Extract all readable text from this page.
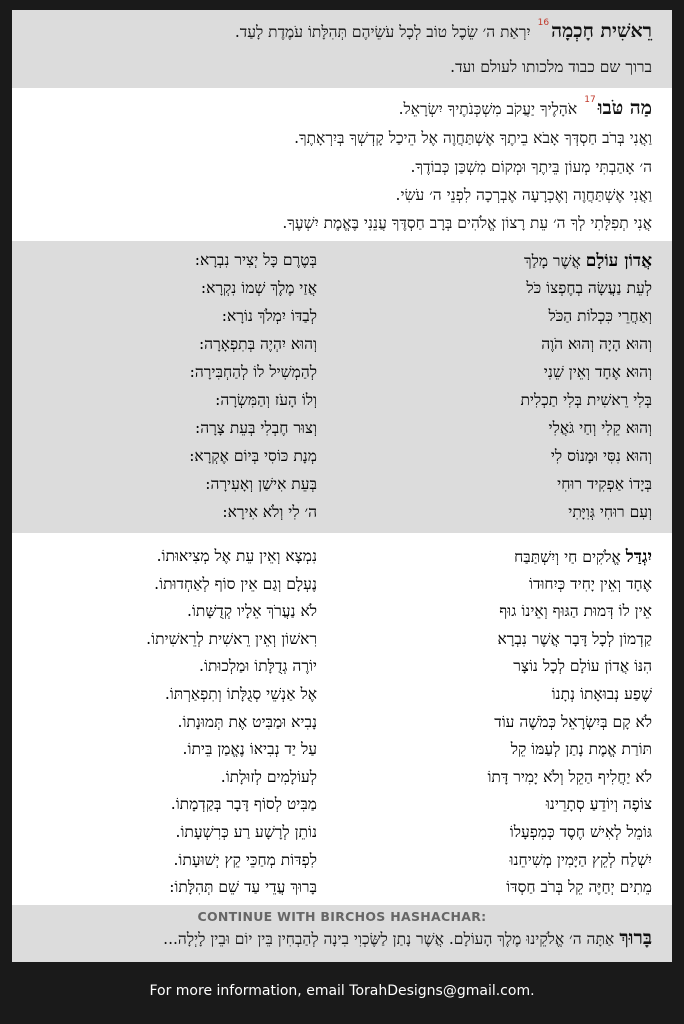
רֵאשִׁית חָכְמָה$^{16}$ יִרְאַת ה׳ שֵׂכֶל טוֹב לְכָל עֹשֵׂיהֶם תְּהִלָּתוֹ עֹמֶדֶת לָעַד.
ברוך שם כבוד מלכותו לעולם ועד.
מַה טֹּבוּ$^{17}$ אֹהָלֶיךָ יַעֲקֹב מִשְׁכְּנֹתֶיךָ יִשְׂרָאֵל.
וַאֲנִי בְּרֹב חַסְדְּךָ אָבֹא בֵיתֶךָ אֶשְׁתַּחֲוֶה אֶל הֵיכַל קָדְשְׁךָ בְּיִרְאָתֶךָ.
ה׳ אָהַבְתִּי מְעוֹן בֵּיתֶךָ וּמְקוֹם מִשְׁכַּן כְּבוֹדֶךָ.
וַאֲנִי אֶשְׁתַּחֲוֶה וְאֶכְרָעָה אֶבְרְכָה לִפְנֵי ה׳ עֹשִׂי.
אֲנִי תְפִלָּתִי לְךָ ה׳ עֵת רָצוֹן אֱלֹהִים בְּרָב חַסְדֶּךָ עֲנֵנִי בֶּאֱמֶת יִשְׁעֶךָ.
אֲדוֹן עוֹלָם אֲשֶׁר מָלַךְ
בְּטֶרֶם כָּל יְצִיר נִבְרָא:
לְעֵת נַעֲשָׂה בְחֶפְצוֹ כֹּל
אֲזַי מֶלֶךְ שְׁמוֹ נִקְרָא:
וְאַחֲרֵי כִּכְלוֹת הַכֹּל
לְבַדּוֹ יִמְלֹךְ נוֹרָא:
וְהוּא הָיָה וְהוּא הֹוֶה
וְהוּא יִהְיֶה בְּתִפְאָרָה:
וְהוּא אֶחָד וְאֵין שֵׁנִי
לְהַמְשִׁיל לוֹ לְהַחְבִּירָה:
בְּלִי רֵאשִׁית בְּלִי תַכְלִית
וְלוֹ הָעֹז וְהַמִּשְׂרָה:
וְהוּא קֵלִי וְחַי גֹּאֲלִי
וְצוּר חֶבְלִי בְּעֵת צָרָה:
וְהוּא נִסִּי וּמָנוֹס לִי
מְנָת כּוֹסִי בְּיוֹם אֶקְרָא:
בְּיָדוֹ אַפְקִיד רוּחִי
בְּעֵת אִישַׁן וְאָעִירָה:
וְעִם רוּחִי גְּוִיָּתִי
ה׳ לִי וְלֹא אִירָא:
יִגְדַּל אֱלֹקִים חַי וְיִשְׁתַּבַּח
נִמְצָא וְאֵין עֵת אֶל מְצִיאוּתוֹ.
אֶחָד וְאֵין יָחִיד כְּיִחוּדוֹ
נֶעְלָם וְגַם אֵין סוֹף לְאַחְדוּתוֹ.
אֵין לוֹ דְּמוּת הַגּוּף וְאֵינוֹ גוּף
לֹא נַעֲרֹךְ אֵלָיו קְדֻשָּׁתוֹ.
קַדְמוֹן לְכָל דָּבָר אֲשֶׁר נִבְרָא
רִאשׁוֹן וְאֵין רֵאשִׁית לְרֵאשִׁיתוֹ.
הִנּוֹ אֲדוֹן עוֹלָם לְכָל נוֹצָר
יוֹרֶה גְדֻלָּתוֹ וּמַלְכוּתוֹ.
שֶׁפַע נְבוּאָתוֹ נְתָנוֹ
אֶל אַנְשֵׁי סְגֻלָּתוֹ וְתִפְאַרְתּוֹ.
לֹא קָם בְּיִשְׂרָאֵל כְּמֹשֶׁה עוֹד
נָבִיא וּמַבִּיט אֶת תְּמוּנָתוֹ.
תּוֹרַת אֱמֶת נָתַן לְעַמּוֹ קֵל
עַל יַד נְבִיאוֹ נֶאֱמַן בֵּיתוֹ.
לֹא יַחֲלִיף הַקֵל וְלֹא יָמִיר דָּתוֹ
לְעוֹלָמִים לְזוּלָתוֹ.
צוֹפֶה וְיוֹדֵעַ סְתָרֵינוּ
מַבִּיט לְסוֹף דָּבָר בְּקַדְמָתוֹ.
גּוֹמֵל לְאִישׁ חֶסֶד כְּמִפְעָלוֹ
נוֹתֵן לְרָשָׁע רַע כְּרִשְׁעָתוֹ.
יִשְׁלַח לְקֵץ הַיָּמִין מְשִׁיחֵנוּ
לִפְדּוֹת מְחַכֵּי קֵץ יְשׁוּעָתוֹ.
מֵתִים יְחַיֶּה קֵל בְּרֹב חַסְדּוֹ
בָּרוּךְ עֲדֵי עַד שֵׁם תְּהִלָּתוֹ:
CONTINUE WITH BIRCHOS HASHACHAR:
בָּרוּךְ אַתָּה ה׳ אֱלֹקֵינוּ מֶלֶךְ הָעוֹלָם. אֲשֶׁר נָתַן לַשֶּׂכְוִי בִינָה לְהַבְחִין בֵּין יוֹם וּבֵין לָיְלָה...
For more information, email TorahDesigns@gmail.com.
